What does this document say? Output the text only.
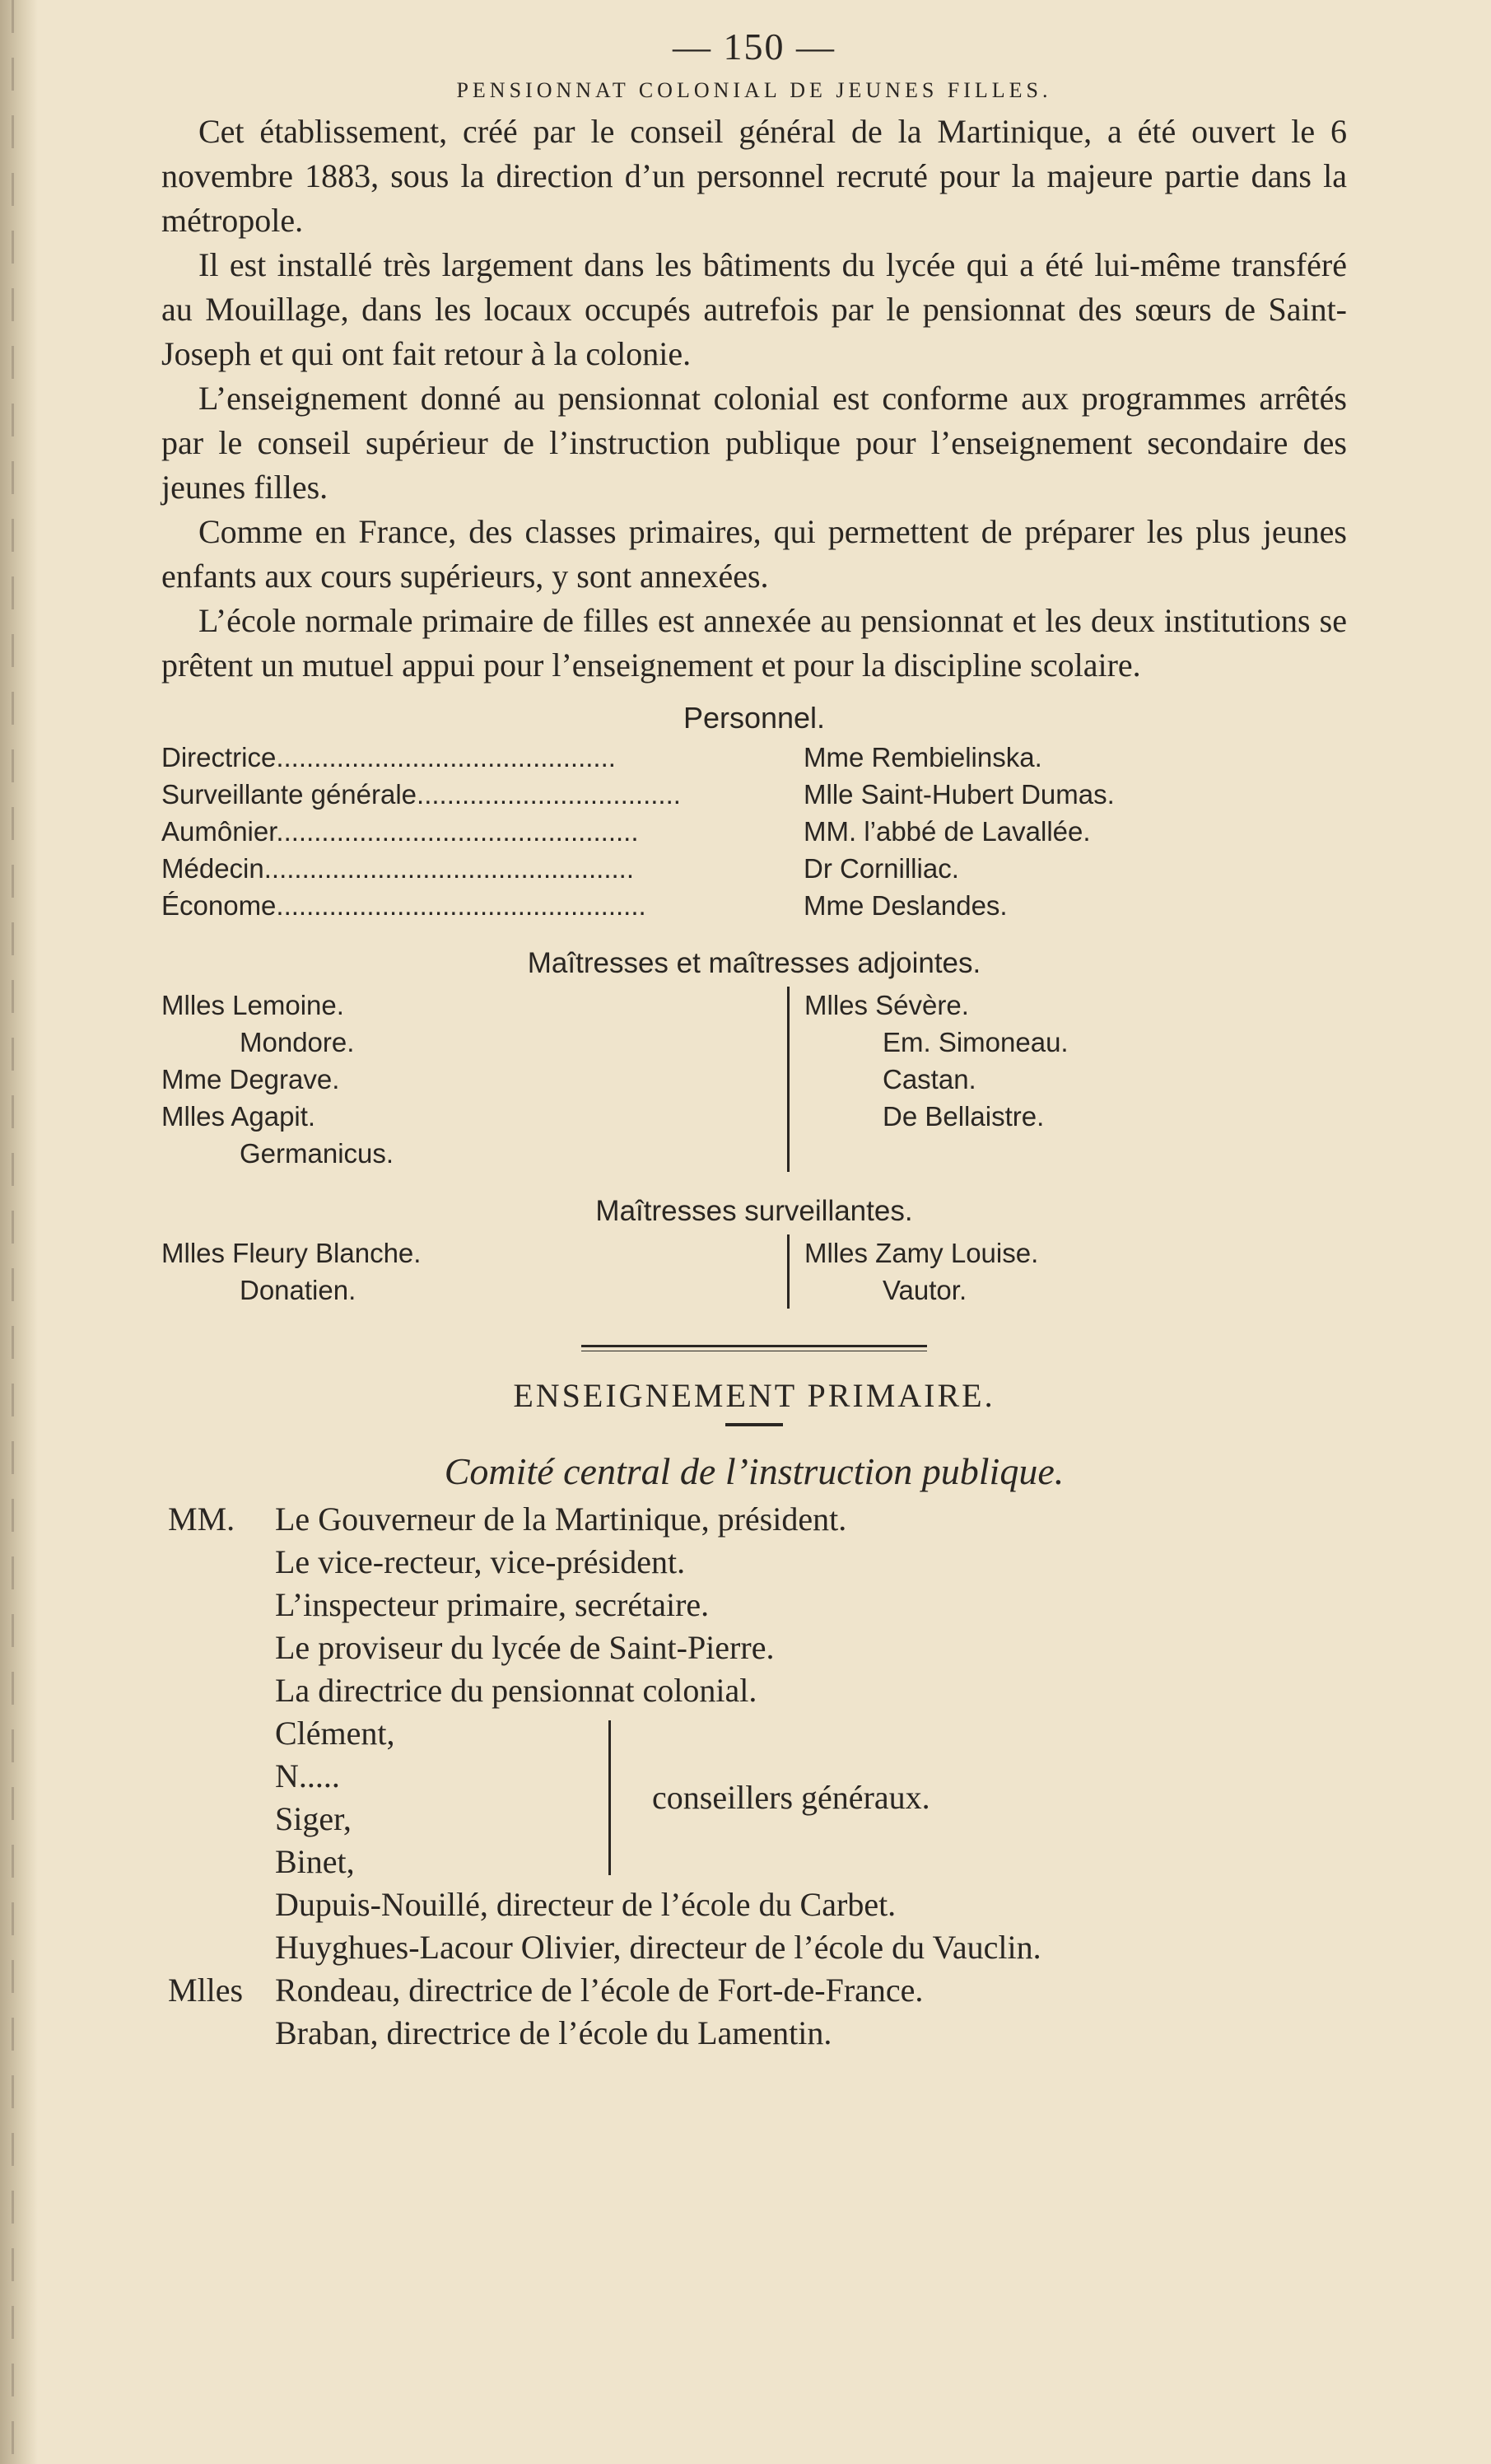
— 150 —
PENSIONNAT COLONIAL DE JEUNES FILLES.

Cet établissement, créé par le conseil général de la Martinique, a été ouvert le 6 novembre 1883, sous la direction d’un personnel recruté pour la majeure partie dans la métropole.

Il est installé très largement dans les bâtiments du lycée qui a été lui-même transféré au Mouillage, dans les locaux occupés autrefois par le pensionnat des sœurs de Saint-Joseph et qui ont fait retour à la colonie.

L’enseignement donné au pensionnat colonial est conforme aux programmes arrêtés par le conseil supérieur de l’instruction publique pour l’enseignement secondaire des jeunes filles.

Comme en France, des classes primaires, qui permettent de préparer les plus jeunes enfants aux cours supérieurs, y sont annexées.

L’école normale primaire de filles est annexée au pensionnat et les deux institutions se prêtent un mutuel appui pour l’enseignement et pour la discipline scolaire.

Personnel.
Directrice.............................................	Mme Rembielinska.
Surveillante générale...................................	Mlle Saint-Hubert Dumas.
Aumônier................................................	MM. l’abbé de Lavallée.
Médecin.................................................	Dr Cornilliac.
Économe.................................................	Mme Deslandes.
Maîtresses et maîtresses adjointes.
Mlles Lemoine.
Mondore.
Mme Degrave.
Mlles Agapit.
Germanicus.
Mlles Sévère.
Em. Simoneau.
Castan.
De Bellaistre.
Maîtresses surveillantes.
Mlles Fleury Blanche.
Donatien.
Mlles Zamy Louise.
Vautor.
ENSEIGNEMENT PRIMAIRE.
Comité central de l’instruction publique.
MM.	Le Gouverneur de la Martinique, président.
Le vice-recteur, vice-président.
L’inspecteur primaire, secrétaire.
Le proviseur du lycée de Saint-Pierre.
La directrice du pensionnat colonial.
Clément,
N.....
Siger,
Binet,
conseillers généraux.
Dupuis-Nouillé, directeur de l’école du Carbet.
Huyghues-Lacour Olivier, directeur de l’école du Vauclin.
Mlles Rondeau, directrice de l’école de Fort-de-France.
Braban, directrice de l’école du Lamentin.
